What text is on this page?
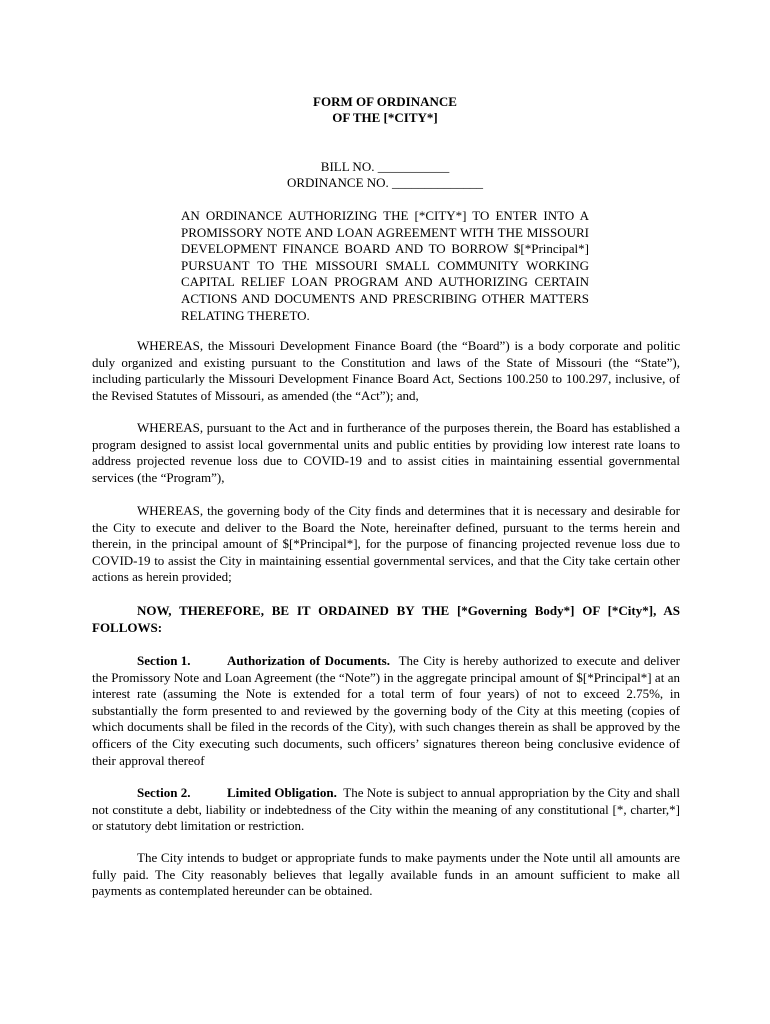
FORM OF ORDINANCE
OF THE [*CITY*]
BILL NO. ___________
ORDINANCE NO. ______________
AN ORDINANCE AUTHORIZING THE [*CITY*] TO ENTER INTO A PROMISSORY NOTE AND LOAN AGREEMENT WITH THE MISSOURI DEVELOPMENT FINANCE BOARD AND TO BORROW $[*Principal*] PURSUANT TO THE MISSOURI SMALL COMMUNITY WORKING CAPITAL RELIEF LOAN PROGRAM AND AUTHORIZING CERTAIN ACTIONS AND DOCUMENTS AND PRESCRIBING OTHER MATTERS RELATING THERETO.

WHEREAS, the Missouri Development Finance Board (the “Board”) is a body corporate and politic duly organized and existing pursuant to the Constitution and laws of the State of Missouri (the “State”), including particularly the Missouri Development Finance Board Act, Sections 100.250 to 100.297, inclusive, of the Revised Statutes of Missouri, as amended (the “Act”); and,

WHEREAS, pursuant to the Act and in furtherance of the purposes therein, the Board has established a program designed to assist local governmental units and public entities by providing low interest rate loans to address projected revenue loss due to COVID-19 and to assist cities in maintaining essential governmental services (the “Program”),

WHEREAS, the governing body of the City finds and determines that it is necessary and desirable for the City to execute and deliver to the Board the Note, hereinafter defined, pursuant to the terms herein and therein, in the principal amount of $[*Principal*], for the purpose of financing projected revenue loss due to COVID-19 to assist the City in maintaining essential governmental services, and that the City take certain other actions as herein provided;

NOW, THEREFORE, BE IT ORDAINED BY THE [*Governing Body*] OF [*City*], AS FOLLOWS:

Section 1.	Authorization of Documents. The City is hereby authorized to execute and deliver the Promissory Note and Loan Agreement (the “Note”) in the aggregate principal amount of $[*Principal*] at an interest rate (assuming the Note is extended for a total term of four years) of not to exceed 2.75%, in substantially the form presented to and reviewed by the governing body of the City at this meeting (copies of which documents shall be filed in the records of the City), with such changes therein as shall be approved by the officers of the City executing such documents, such officers’ signatures thereon being conclusive evidence of their approval thereof

Section 2.	Limited Obligation. The Note is subject to annual appropriation by the City and shall not constitute a debt, liability or indebtedness of the City within the meaning of any constitutional [*, charter,*] or statutory debt limitation or restriction.

The City intends to budget or appropriate funds to make payments under the Note until all amounts are fully paid. The City reasonably believes that legally available funds in an amount sufficient to make all payments as contemplated hereunder can be obtained.
